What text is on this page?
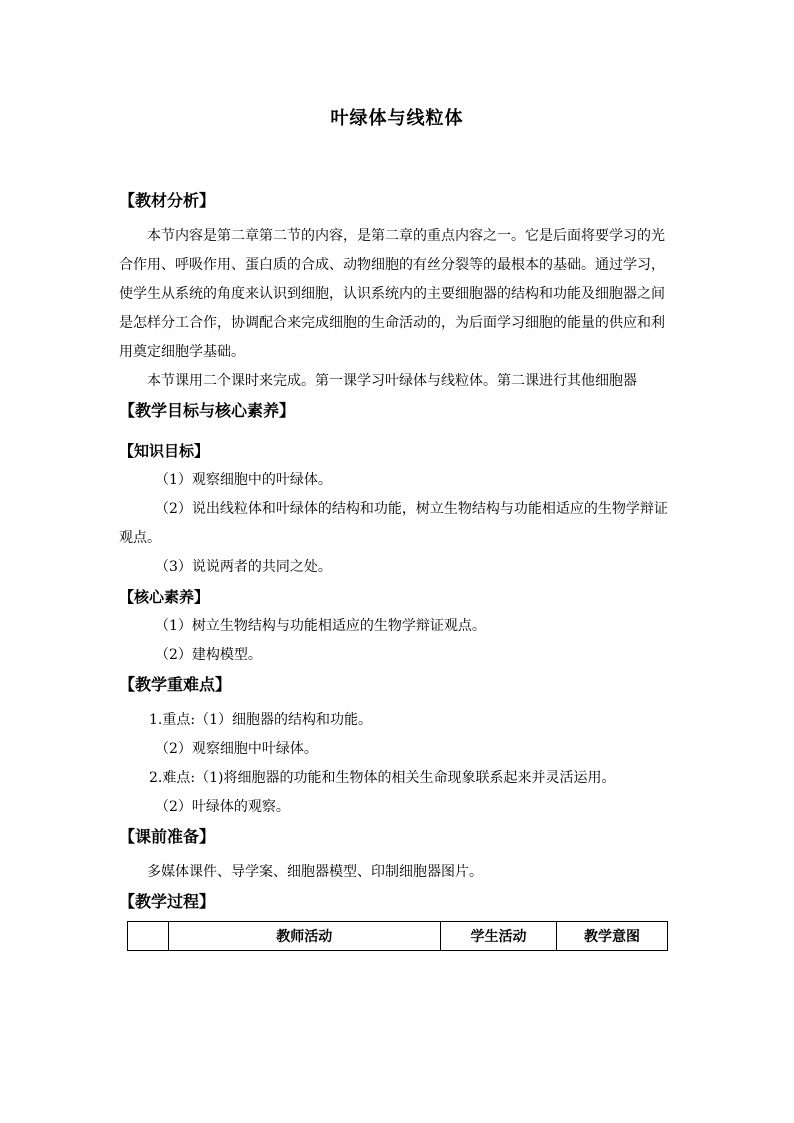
叶绿体与线粒体
【教材分析】

本节内容是第二章第二节的内容，是第二章的重点内容之一。它是后面将要学习的光合作用、呼吸作用、蛋白质的合成、动物细胞的有丝分裂等的最根本的基础。通过学习，使学生从系统的角度来认识到细胞，认识系统内的主要细胞器的结构和功能及细胞器之间是怎样分工合作，协调配合来完成细胞的生命活动的，为后面学习细胞的能量的供应和利用奠定细胞学基础。

本节课用二个课时来完成。第一课学习叶绿体与线粒体。第二课进行其他细胞器

【教学目标与核心素养】
【知识目标】

（1）观察细胞中的叶绿体。

（2）说出线粒体和叶绿体的结构和功能，树立生物结构与功能相适应的生物学辩证观点。

（3）说说两者的共同之处。

【核心素养】

（1）树立生物结构与功能相适应的生物学辩证观点。

（2）建构模型。

【教学重难点】

1.重点:（1）细胞器的结构和功能。

（2）观察细胞中叶绿体。

2.难点:（1)将细胞器的功能和生物体的相关生命现象联系起来并灵活运用。

（2）叶绿体的观察。

【课前准备】

多媒体课件、导学案、细胞器模型、印制细胞器图片。

【教学过程】
	教师活动	学生活动	教学意图
